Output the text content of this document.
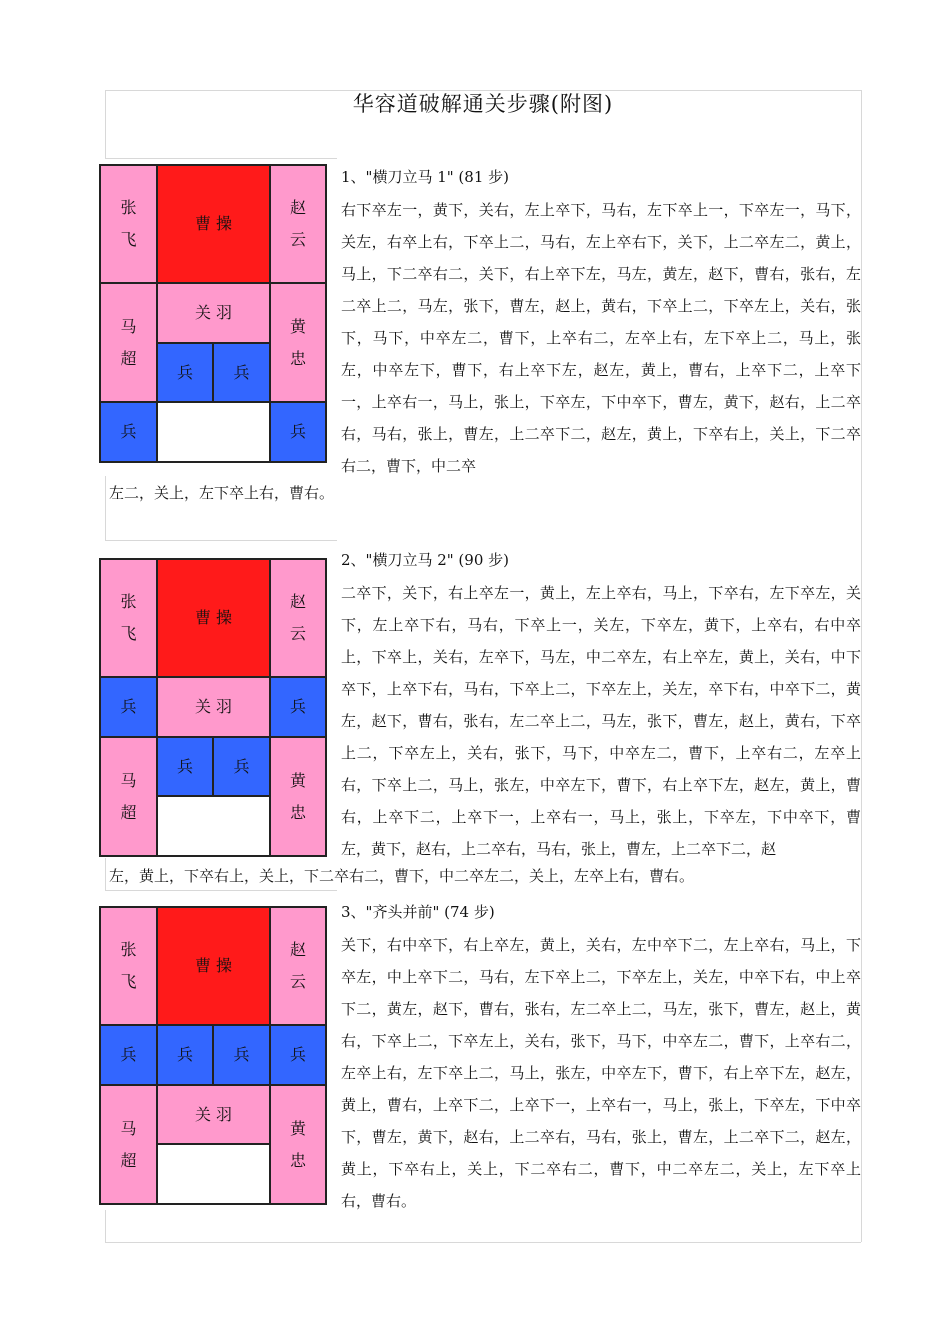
华容道破解通关步骤(附图)
张
飞
曹 操
赵
云
马
超
关 羽
黄
忠
兵	兵
兵	兵
1、"横刀立马 1" (81 步)
右下卒左一，黄下，关右，左上卒下，马右，左下卒上一，下卒左一，马下，关左，右卒上右，下卒上二，马右，左上卒右下，关下，上二卒左二，黄上，马上，下二卒右二，关下，右上卒下左，马左，黄左，赵下，曹右，张右，左二卒上二，马左，张下，曹左，赵上，黄右，下卒上二，下卒左上，关右，张下，马下，中卒左二，曹下，上卒右二，左卒上右，左下卒上二，马上，张左，中卒左下，曹下，右上卒下左，赵左，黄上，曹右，上卒下二，上卒下一，上卒右一，马上，张上，下卒左，下中卒下，曹左，黄下，赵右，上二卒右，马右，张上，曹左，上二卒下二，赵左，黄上，下卒右上，关上，下二卒右二，曹下，中二卒
左二，关上，左下卒上右，曹右。
张
飞
曹 操
赵
云
兵	关 羽	兵
马
超
兵	兵
黄
忠
2、"横刀立马 2" (90 步)
二卒下，关下，右上卒左一，黄上，左上卒右，马上，下卒右，左下卒左，关下，左上卒下右，马右，下卒上一，关左，下卒左，黄下，上卒右，右中卒上，下卒上，关右，左卒下，马左，中二卒左，右上卒左，黄上，关右，中下卒下，上卒下右，马右，下卒上二，下卒左上，关左，卒下右，中卒下二，黄左，赵下，曹右，张右，左二卒上二，马左，张下，曹左，赵上，黄右，下卒上二，下卒左上，关右，张下，马下，中卒左二，曹下，上卒右二，左卒上右，下卒上二，马上，张左，中卒左下，曹下，右上卒下左，赵左，黄上，曹右，上卒下二，上卒下一，上卒右一，马上，张上，下卒左，下中卒下，曹左，黄下，赵右，上二卒右，马右，张上，曹左，上二卒下二，赵
左，黄上，下卒右上，关上，下二卒右二，曹下，中二卒左二，关上，左卒上右，曹右。
张
飞
曹 操
赵
云
兵	兵	兵	兵
马
超
关 羽
黄
忠
3、"齐头并前" (74 步)
关下，右中卒下，右上卒左，黄上，关右，左中卒下二，左上卒右，马上，下卒左，中上卒下二，马右，左下卒上二，下卒左上，关左，中卒下右，中上卒下二，黄左，赵下，曹右，张右，左二卒上二，马左，张下，曹左，赵上，黄右，下卒上二，下卒左上，关右，张下，马下，中卒左二，曹下，上卒右二，左卒上右，左下卒上二，马上，张左，中卒左下，曹下，右上卒下左，赵左，黄上，曹右，上卒下二，上卒下一，上卒右一，马上，张上，下卒左，下中卒下，曹左，黄下，赵右，上二卒右，马右，张上，曹左，上二卒下二，赵左，黄上，下卒右上，关上，下二卒右二，曹下，中二卒左二，关上，左下卒上右，曹右。
